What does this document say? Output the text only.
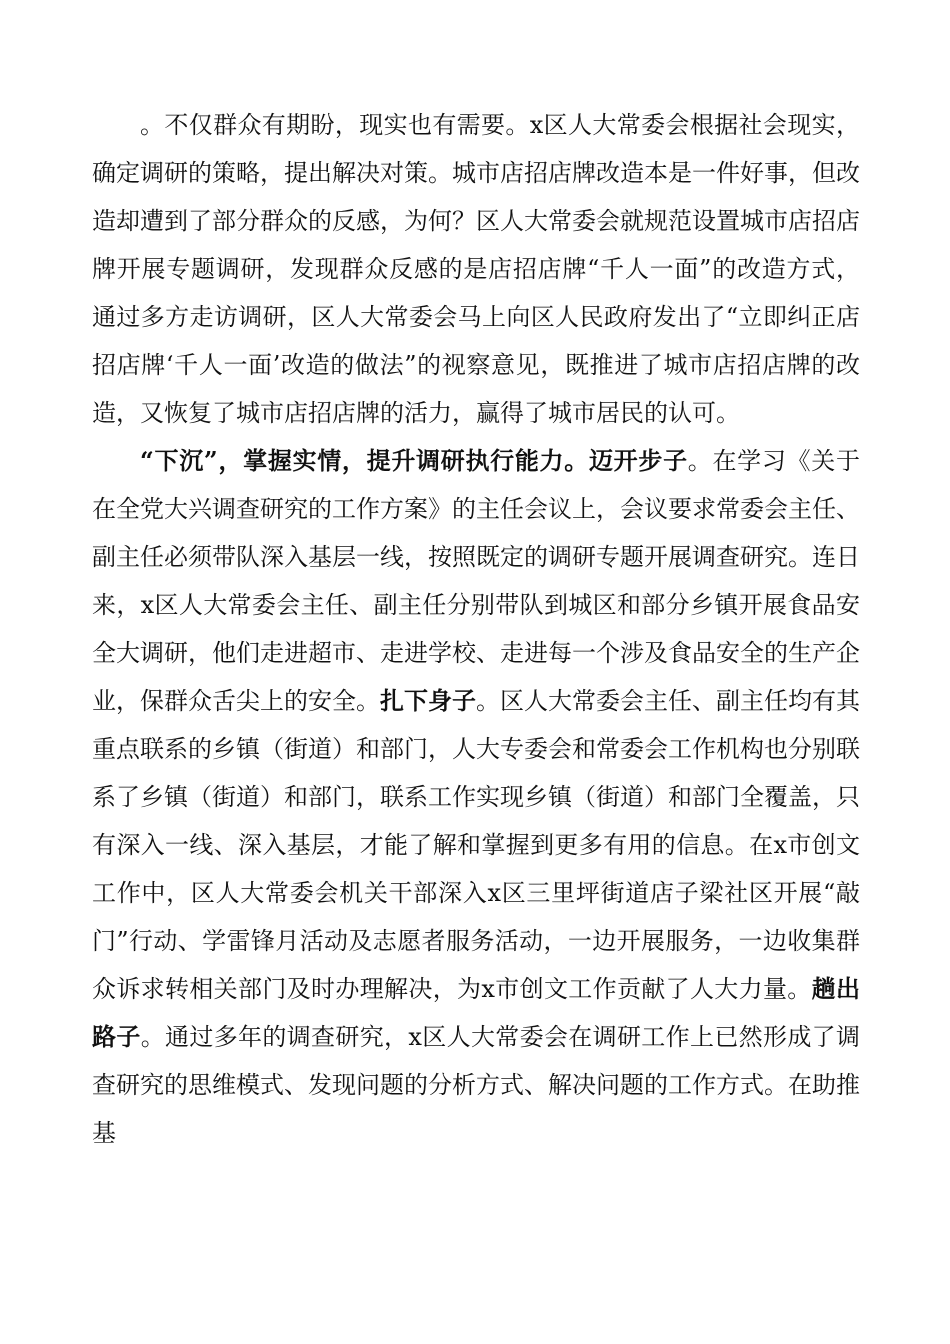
。不仅群众有期盼，现实也有需要。x区人大常委会根据社会现实，确定调研的策略，提出解决对策。城市店招店牌改造本是一件好事，但改造却遭到了部分群众的反感，为何？区人大常委会就规范设置城市店招店牌开展专题调研，发现群众反感的是店招店牌“千人一面”的改造方式，通过多方走访调研，区人大常委会马上向区人民政府发出了“立即纠正店招店牌‘千人一面’改造的做法”的视察意见，既推进了城市店招店牌的改造，又恢复了城市店招店牌的活力，赢得了城市居民的认可。

“下沉”，掌握实情，提升调研执行能力。迈开步子。在学习《关于在全党大兴调查研究的工作方案》的主任会议上，会议要求常委会主任、副主任必须带队深入基层一线，按照既定的调研专题开展调查研究。连日来，x区人大常委会主任、副主任分别带队到城区和部分乡镇开展食品安全大调研，他们走进超市、走进学校、走进每一个涉及食品安全的生产企业，保群众舌尖上的安全。扎下身子。区人大常委会主任、副主任均有其重点联系的乡镇（街道）和部门，人大专委会和常委会工作机构也分别联系了乡镇（街道）和部门，联系工作实现乡镇（街道）和部门全覆盖，只有深入一线、深入基层，才能了解和掌握到更多有用的信息。在x市创文工作中，区人大常委会机关干部深入x区三里坪街道店子梁社区开展“敲门”行动、学雷锋月活动及志愿者服务活动，一边开展服务，一边收集群众诉求转相关部门及时办理解决，为x市创文工作贡献了人大力量。趟出路子。通过多年的调查研究，x区人大常委会在调研工作上已然形成了调查研究的思维模式、发现问题的分析方式、解决问题的工作方式。在助推基
